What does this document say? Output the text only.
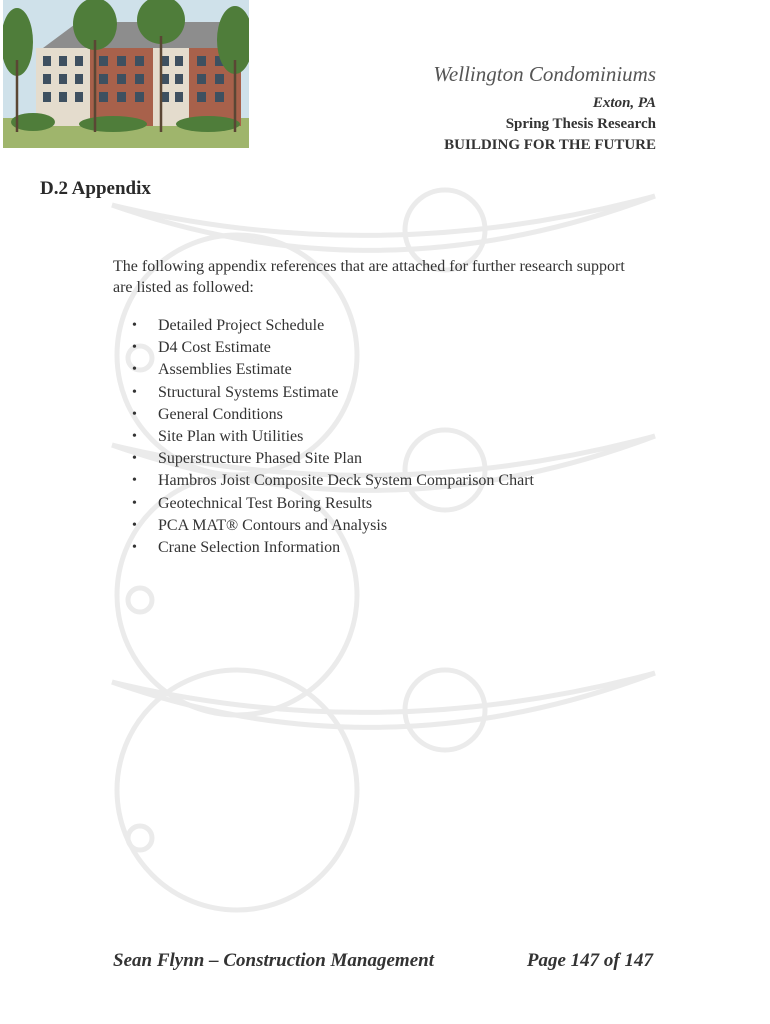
Wellington Condominiums
Exton, PA
Spring Thesis Research
BUILDING FOR THE FUTURE
D.2 Appendix

The following appendix references that are attached for further research support are listed as followed:

• Detailed Project Schedule
• D4 Cost Estimate
• Assemblies Estimate
• Structural Systems Estimate
• General Conditions
• Site Plan with Utilities
• Superstructure Phased Site Plan
• Hambros Joist Composite Deck System Comparison Chart
• Geotechnical Test Boring Results
• PCA MAT® Contours and Analysis
• Crane Selection Information
Sean Flynn – Construction Management	Page 147 of 147
